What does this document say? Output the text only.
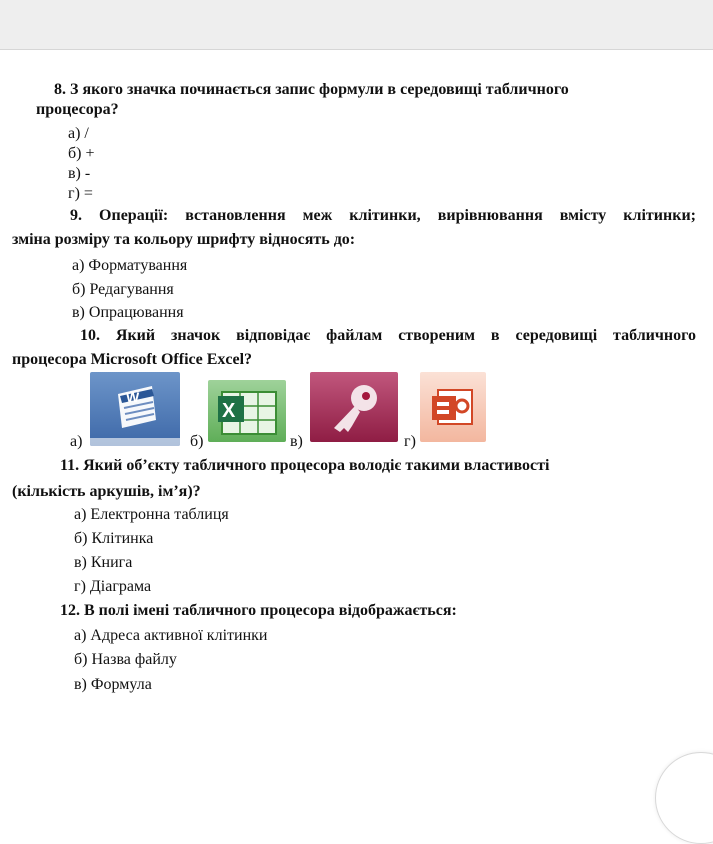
8. З якого значка починається запис формули в середовищі табличного
процесора?
а) /
б) +
в) -
г) =
9. Операції: встановлення меж клітинки, вирівнювання вмісту клітинки;
зміна розміру та кольору шрифту відносять до:
а) Форматування
б) Редагування
в) Опрацювання
10. Який значок відповідає файлам створеним в середовищі табличного
процесора Microsoft Office Excel?
а)
W
б)
X
в)	г)
11. Який об’єкту табличного процесора володіє такими властивості
(кількість аркушів, ім’я)?
а) Електронна таблиця
б) Клітинка
в) Книга
г) Діаграма
12. В полі імені табличного процесора відображається:
а) Адреса активної клітинки
б) Назва файлу
в) Формула
